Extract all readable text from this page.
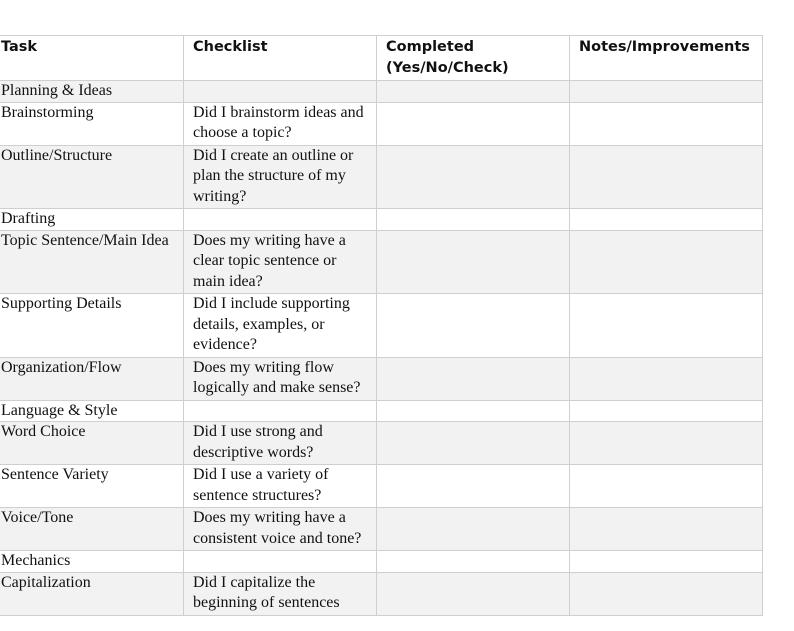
Task	Checklist	Completed (Yes/No/Check)	Notes/Improvements
Planning & Ideas			
Brainstorming	Did I brainstorm ideas and choose a topic?		
Outline/Structure	Did I create an outline or plan the structure of my writing?		
Drafting			
Topic Sentence/Main Idea	Does my writing have a clear topic sentence or main idea?		
Supporting Details	Did I include supporting details, examples, or evidence?		
Organization/Flow	Does my writing flow logically and make sense?		
Language & Style			
Word Choice	Did I use strong and descriptive words?		
Sentence Variety	Did I use a variety of sentence structures?		
Voice/Tone	Does my writing have a consistent voice and tone?		
Mechanics			
Capitalization	Did I capitalize the beginning of sentences		
